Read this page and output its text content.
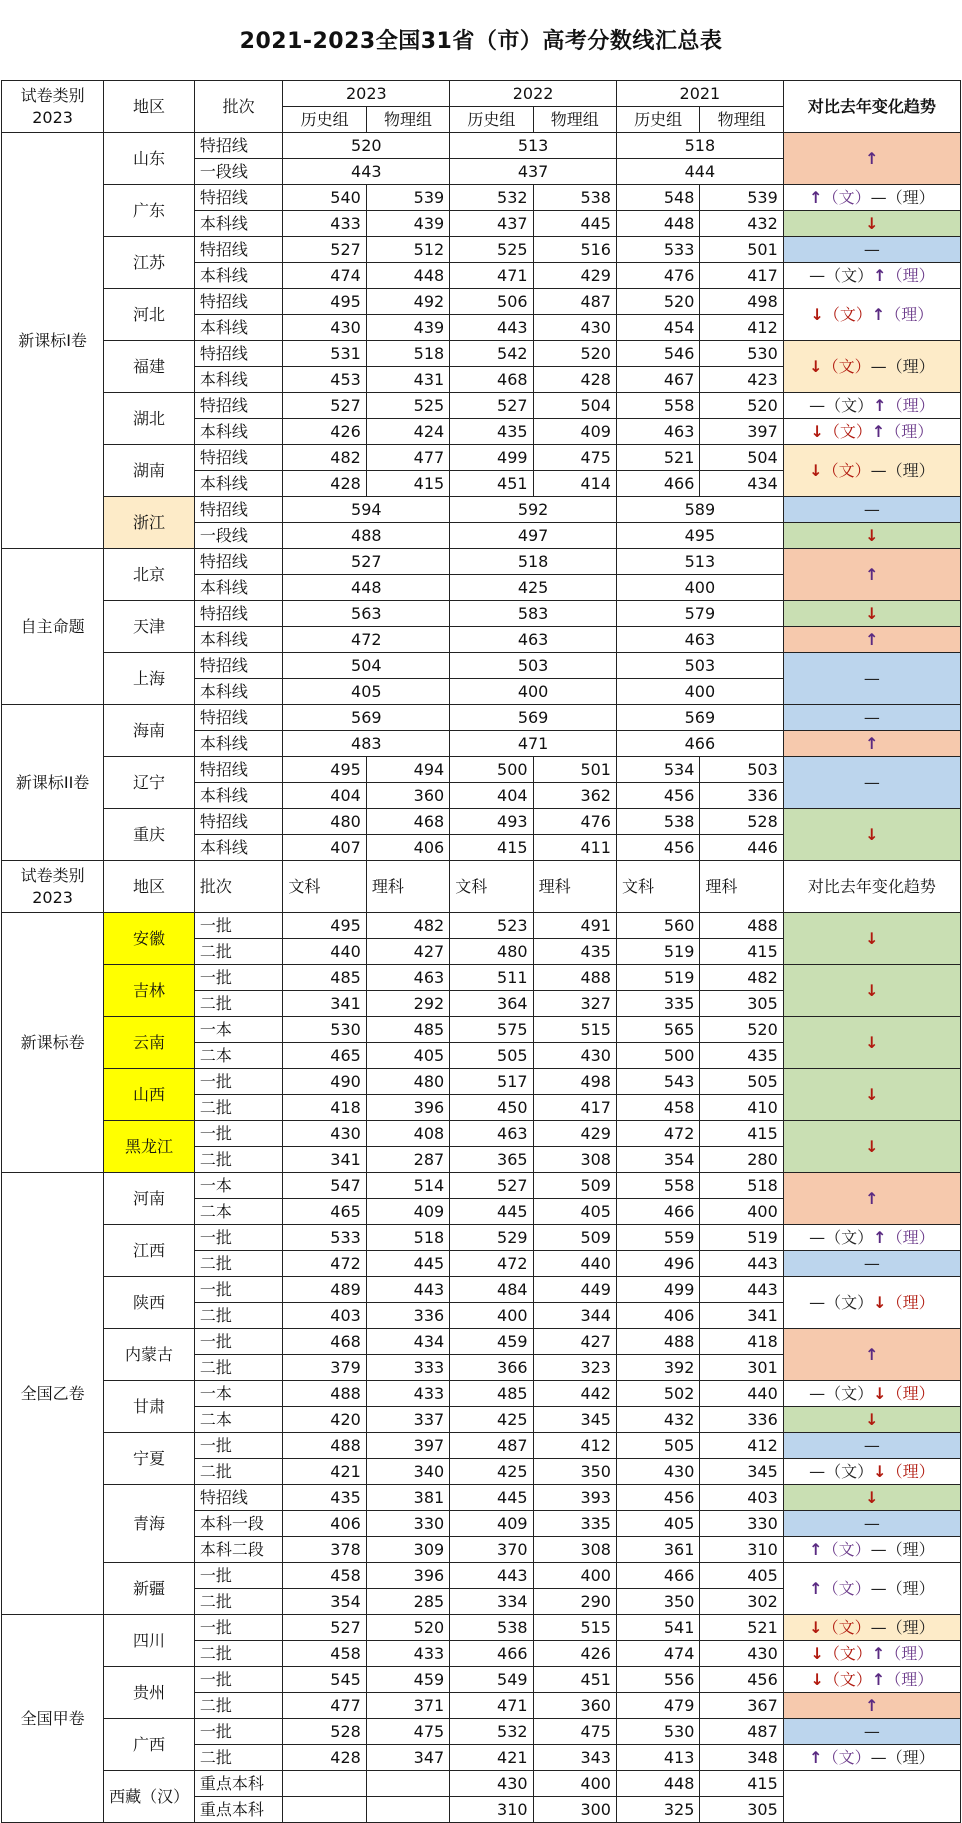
2021-2023全国31省（市）高考分数线汇总表
试卷类别
2023	地区	批次	2023		2022		2021		对比去年变化趋势
			历史组	物理组	历史组	物理组	历史组	物理组	
新课标I卷	山东	特招线	520		513		518		↑
		一段线	443		437		444		
	广东	特招线	540	539	532	538	548	539	↑（文）—（理）
		本科线	433	439	437	445	448	432	↓
	江苏	特招线	527	512	525	516	533	501	—
		本科线	474	448	471	429	476	417	—（文）↑（理）
	河北	特招线	495	492	506	487	520	498	↓（文）↑（理）
		本科线	430	439	443	430	454	412	
	福建	特招线	531	518	542	520	546	530	↓（文）—（理）
		本科线	453	431	468	428	467	423	
	湖北	特招线	527	525	527	504	558	520	—（文）↑（理）
		本科线	426	424	435	409	463	397	↓（文）↑（理）
	湖南	特招线	482	477	499	475	521	504	↓（文）—（理）
		本科线	428	415	451	414	466	434	
	浙江	特招线	594		592		589		—
		一段线	488		497		495		↓
自主命题	北京	特招线	527		518		513		↑
		本科线	448		425		400		
	天津	特招线	563		583		579		↓
		本科线	472		463		463		↑
	上海	特招线	504		503		503		—
		本科线	405		400		400		
新课标II卷	海南	特招线	569		569		569		—
		本科线	483		471		466		↑
	辽宁	特招线	495	494	500	501	534	503	—
		本科线	404	360	404	362	456	336	
	重庆	特招线	480	468	493	476	538	528	↓
		本科线	407	406	415	411	456	446	
试卷类别
2023	地区	批次	文科	理科	文科	理科	文科	理科	对比去年变化趋势
新课标卷	安徽	一批	495	482	523	491	560	488	↓
		二批	440	427	480	435	519	415	
	吉林	一批	485	463	511	488	519	482	↓
		二批	341	292	364	327	335	305	
	云南	一本	530	485	575	515	565	520	↓
		二本	465	405	505	430	500	435	
	山西	一批	490	480	517	498	543	505	↓
		二批	418	396	450	417	458	410	
	黑龙江	一批	430	408	463	429	472	415	↓
		二批	341	287	365	308	354	280	
全国乙卷	河南	一本	547	514	527	509	558	518	↑
		二本	465	409	445	405	466	400	
	江西	一批	533	518	529	509	559	519	—（文）↑（理）
		二批	472	445	472	440	496	443	—
	陕西	一批	489	443	484	449	499	443	—（文）↓（理）
		二批	403	336	400	344	406	341	
	内蒙古	一批	468	434	459	427	488	418	↑
		二批	379	333	366	323	392	301	
	甘肃	一本	488	433	485	442	502	440	—（文）↓（理）
		二本	420	337	425	345	432	336	↓
	宁夏	一批	488	397	487	412	505	412	—
		二批	421	340	425	350	430	345	—（文）↓（理）
	青海	特招线	435	381	445	393	456	403	↓
		本科一段	406	330	409	335	405	330	—
		本科二段	378	309	370	308	361	310	↑（文）—（理）
	新疆	一批	458	396	443	400	466	405	↑（文）—（理）
		二批	354	285	334	290	350	302	
全国甲卷	四川	一批	527	520	538	515	541	521	↓（文）—（理）
		二批	458	433	466	426	474	430	↓（文）↑（理）
	贵州	一批	545	459	549	451	556	456	↓（文）↑（理）
		二批	477	371	471	360	479	367	↑
	广西	一批	528	475	532	475	530	487	—
		二批	428	347	421	343	413	348	↑（文）—（理）
	西藏（汉）	重点本科			430	400	448	415	
		重点本科			310	300	325	305	
